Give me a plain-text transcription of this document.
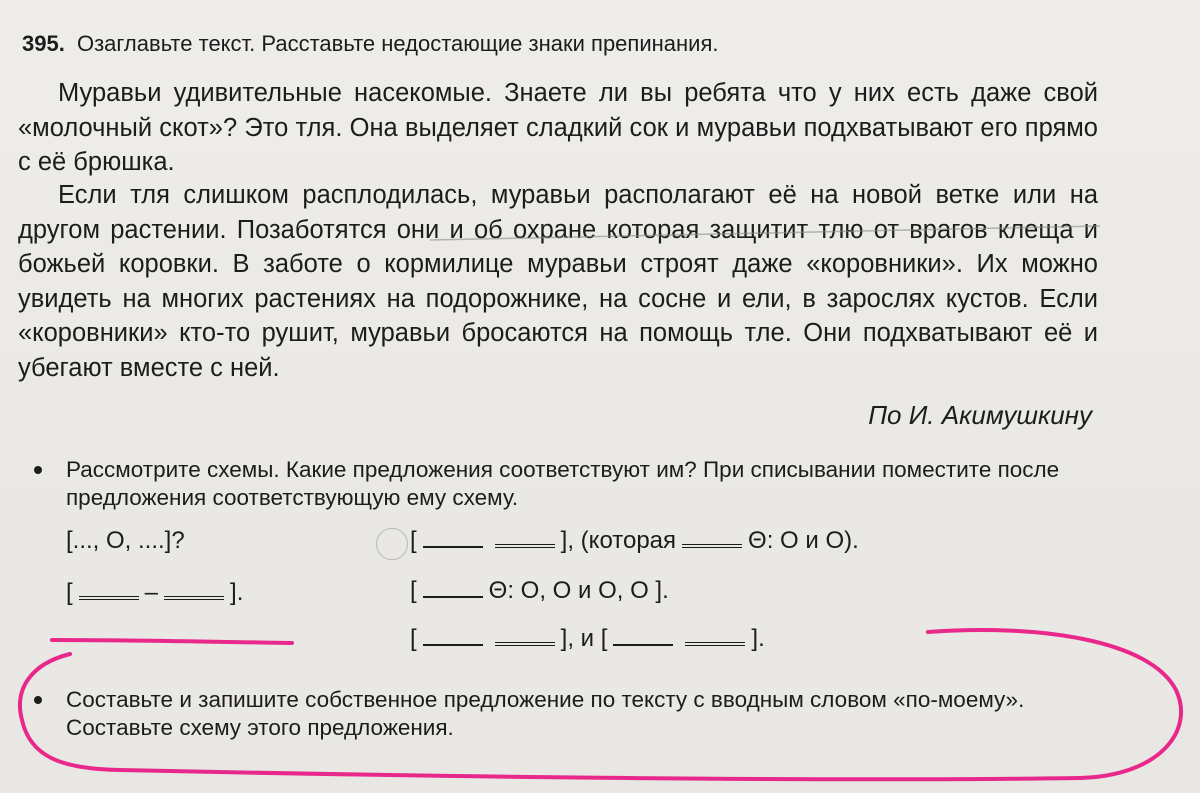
395. Озаглавьте текст. Расставьте недостающие знаки препинания.
Муравьи удивительные насекомые. Знаете ли вы ребята что у них есть даже свой «молочный скот»? Это тля. Она выделяет сладкий сок и муравьи подхватывают его прямо с её брюшка.
Если тля слишком расплодилась, муравьи располагают её на новой ветке или на другом растении. Позаботятся они и об охране которая защитит тлю от врагов клеща и божьей коровки. В заботе о кормилице муравьи строят даже «коровники». Их можно увидеть на многих растениях на подорожнике, на сосне и ели, в зарослях кустов. Если «коровники» кто-то рушит, муравьи бросаются на помощь тле. Они подхватывают её и убегают вместе с ней.
По И. Акимушкину
Рассмотрите схемы. Какие предложения соответствуют им? При списывании поместите после предложения соответствующую ему схему.
[..., О, ....]?
[	–	].
[	], (которая	Θ: О и О).
[	Θ: О, О и О, О ].
[	], и [	].
Составьте и запишите собственное предложение по тексту с вводным словом «по-моему». Составьте схему этого предложения.
